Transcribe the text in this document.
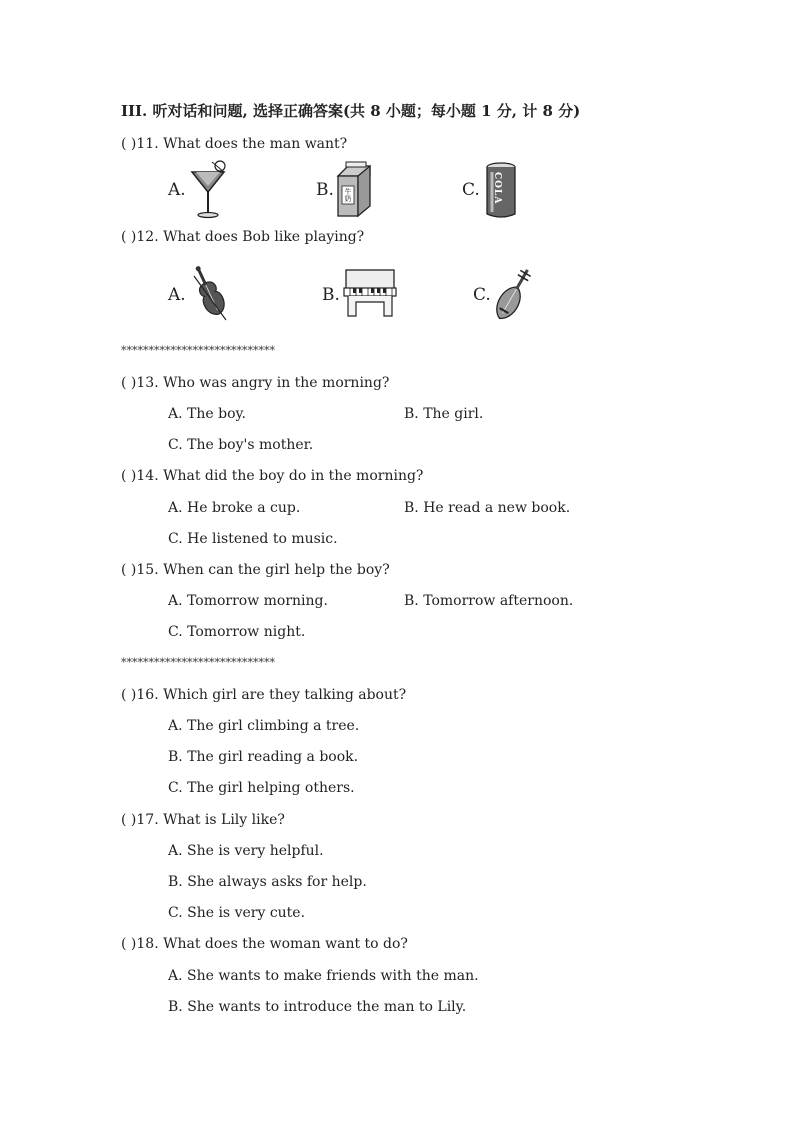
III. 听对话和问题, 选择正确答案(共 8 小题；每小题 1 分, 计 8 分)
( )11. What does the man want?
A.	B. 牛奶	C. COLA
( )12. What does Bob like playing?
A.	B.	C.
****************************
( )13. Who was angry in the morning?
A. The boy.	B. The girl.
C. The boy's mother.
( )14. What did the boy do in the morning?
A. He broke a cup.	B. He read a new book.
C. He listened to music.
( )15. When can the girl help the boy?
A. Tomorrow morning.	B. Tomorrow afternoon.
C. Tomorrow night.
****************************
( )16. Which girl are they talking about?
A. The girl climbing a tree.
B. The girl reading a book.
C. The girl helping others.
( )17. What is Lily like?
A. She is very helpful.
B. She always asks for help.
C. She is very cute.
( )18. What does the woman want to do?
A. She wants to make friends with the man.
B. She wants to introduce the man to Lily.
